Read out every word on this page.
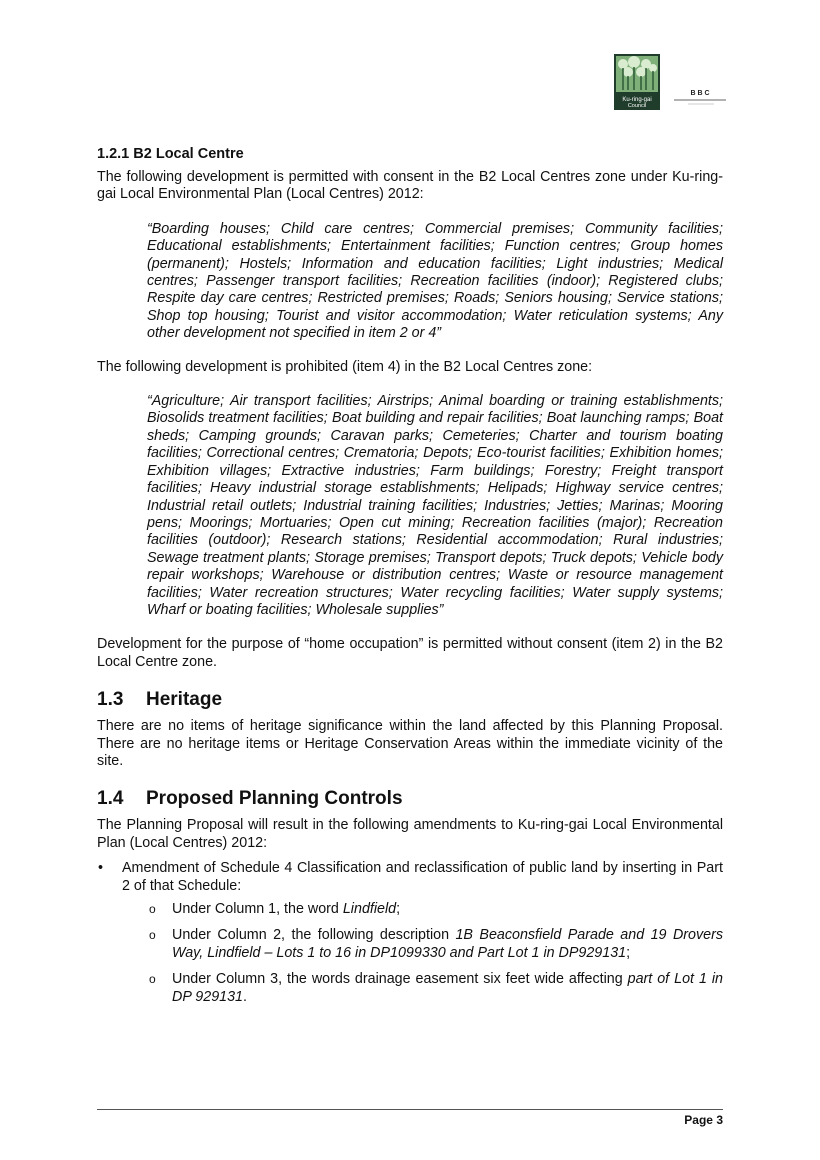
Ku-ring-gai
Council
B B C
1.2.1 B2 Local Centre

The following development is permitted with consent in the B2 Local Centres zone under Ku-ring-gai Local Environmental Plan (Local Centres) 2012:

“Boarding houses; Child care centres; Commercial premises; Community facilities; Educational establishments; Entertainment facilities; Function centres; Group homes (permanent); Hostels; Information and education facilities; Light industries; Medical centres; Passenger transport facilities; Recreation facilities (indoor); Registered clubs; Respite day care centres; Restricted premises; Roads; Seniors housing; Service stations; Shop top housing; Tourist and visitor accommodation; Water reticulation systems; Any other development not specified in item 2 or 4”

The following development is prohibited (item 4) in the B2 Local Centres zone:

“Agriculture; Air transport facilities; Airstrips; Animal boarding or training establishments; Biosolids treatment facilities; Boat building and repair facilities; Boat launching ramps; Boat sheds; Camping grounds; Caravan parks; Cemeteries; Charter and tourism boating facilities; Correctional centres; Crematoria; Depots; Eco-tourist facilities; Exhibition homes; Exhibition villages; Extractive industries; Farm buildings; Forestry; Freight transport facilities; Heavy industrial storage establishments; Helipads; Highway service centres; Industrial retail outlets; Industrial training facilities; Industries; Jetties; Marinas; Mooring pens; Moorings; Mortuaries; Open cut mining; Recreation facilities (major); Recreation facilities (outdoor); Research stations; Residential accommodation; Rural industries; Sewage treatment plants; Storage premises; Transport depots; Truck depots; Vehicle body repair workshops; Warehouse or distribution centres; Waste or resource management facilities; Water recreation structures; Water recycling facilities; Water supply systems; Wharf or boating facilities; Wholesale supplies”

Development for the purpose of “home occupation” is permitted without consent (item 2) in the B2 Local Centre zone.

1.3	Heritage

There are no items of heritage significance within the land affected by this Planning Proposal. There are no heritage items or Heritage Conservation Areas within the immediate vicinity of the site.

1.4	Proposed Planning Controls

The Planning Proposal will result in the following amendments to Ku-ring-gai Local Environmental Plan (Local Centres) 2012:

• Amendment of Schedule 4 Classification and reclassification of public land by inserting in Part 2 of that Schedule:
o Under Column 1, the word Lindfield;
o Under Column 2, the following description 1B Beaconsfield Parade and 19 Drovers Way, Lindfield – Lots 1 to 16 in DP1099330 and Part Lot 1 in DP929131;
o Under Column 3, the words drainage easement six feet wide affecting part of Lot 1 in DP 929131.
Page 3
